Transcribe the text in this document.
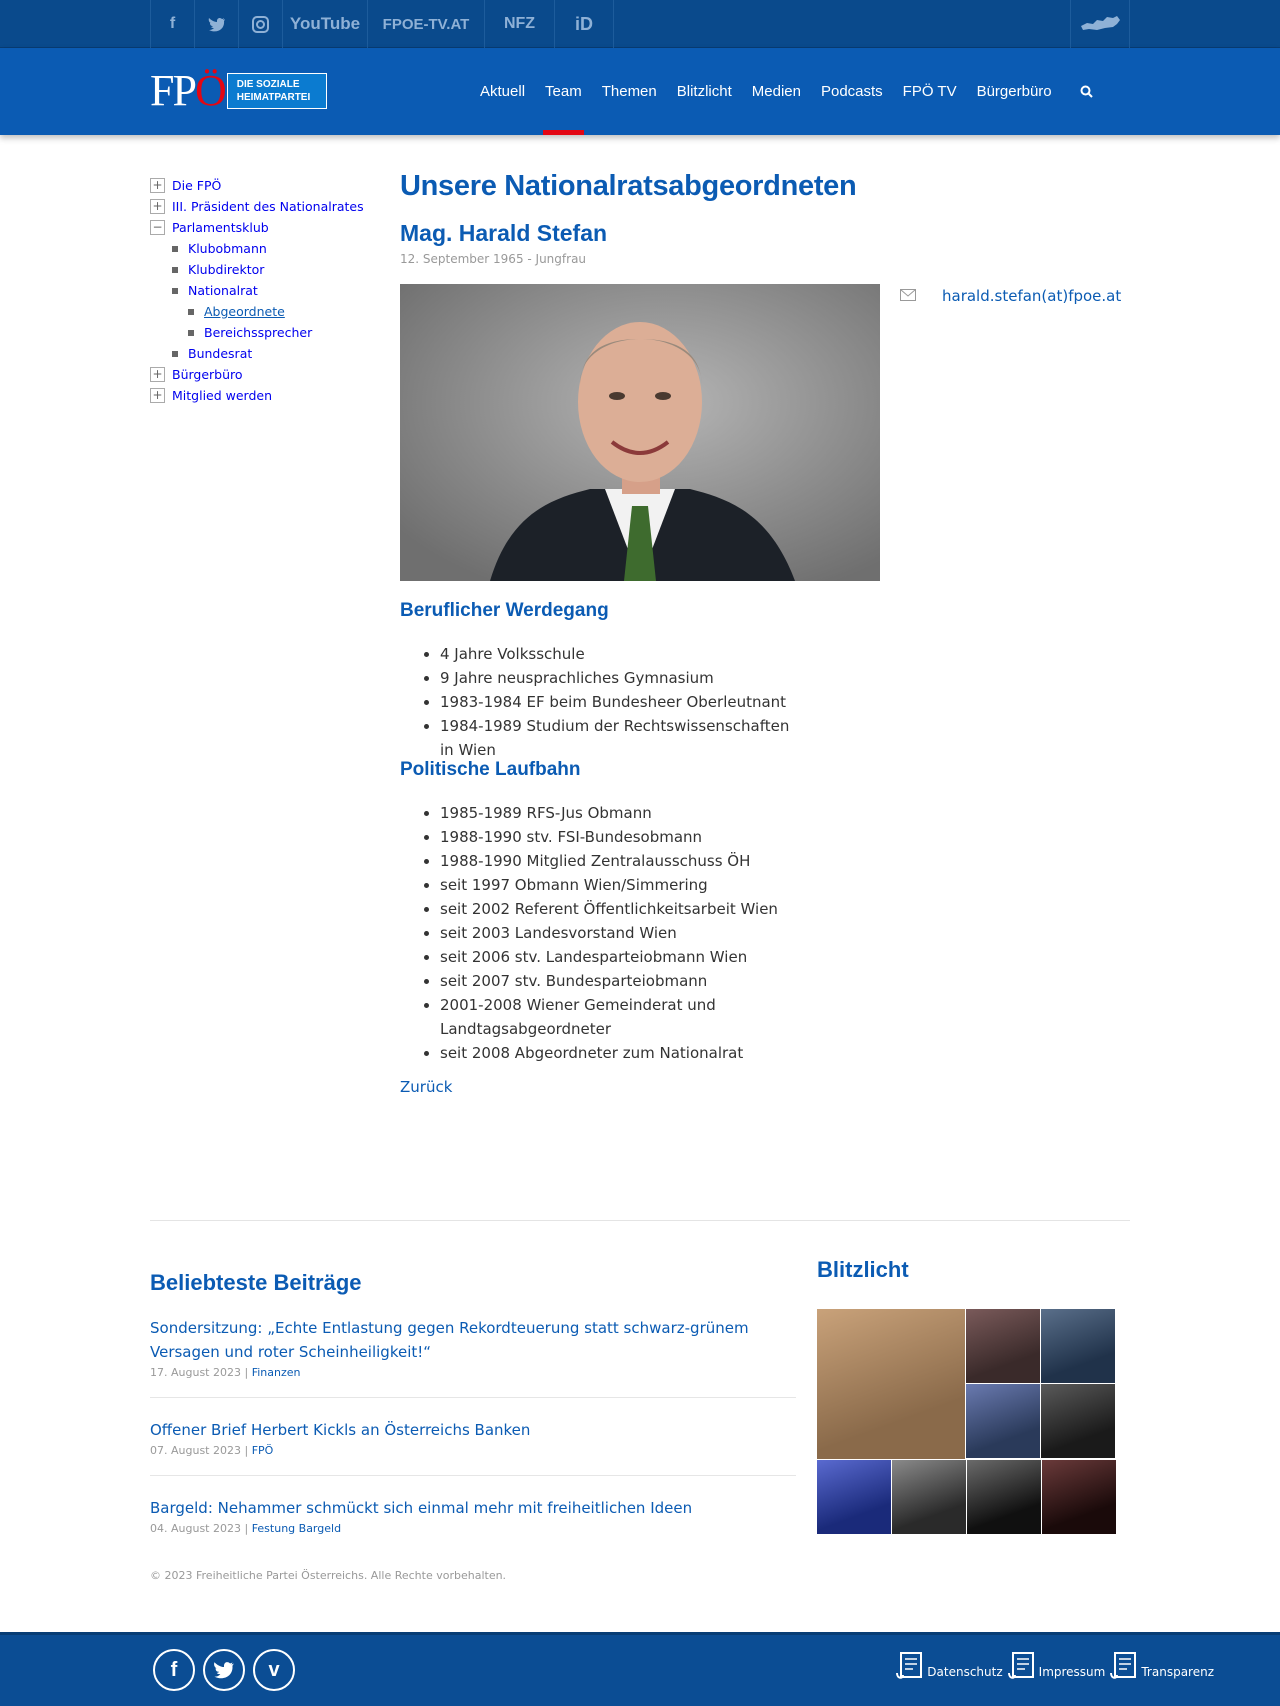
f	YouTube	FPOE-TV.AT	NFZ	iD
FPÖ	DIE SOZIALE HEIMATPARTEI	Aktuell	Team	Themen	Blitzlicht	Medien	Podcasts	FPÖ TV	Bürgerbüro
+ Die FPÖ
+ III. Präsident des Nationalrates
− Parlamentsklub
Klubobmann
Klubdirektor
Nationalrat
Abgeordnete
Bereichssprecher
Bundesrat
+ Bürgerbüro
+ Mitglied werden
Unsere Nationalratsabgeordneten
Mag. Harald Stefan
12. September 1965 - Jungfrau
harald.stefan(at)fpoe.at
Beruflicher Werdegang
• 4 Jahre Volksschule
• 9 Jahre neusprachliches Gymnasium
• 1983-1984 EF beim Bundesheer Oberleutnant
• 1984-1989 Studium der Rechtswissenschaften in Wien
Politische Laufbahn
• 1985-1989 RFS-Jus Obmann
• 1988-1990 stv. FSI-Bundesobmann
• 1988-1990 Mitglied Zentralausschuss ÖH
• seit 1997 Obmann Wien/Simmering
• seit 2002 Referent Öffentlichkeitsarbeit Wien
• seit 2003 Landesvorstand Wien
• seit 2006 stv. Landesparteiobmann Wien
• seit 2007 stv. Bundesparteiobmann
• 2001-2008 Wiener Gemeinderat und Landtagsabgeordneter
• seit 2008 Abgeordneter zum Nationalrat
Zurück
Beliebteste Beiträge
Sondersitzung: „Echte Entlastung gegen Rekordteuerung statt schwarz-grünem Versagen und roter Scheinheiligkeit!“
17. August 2023 | Finanzen
Offener Brief Herbert Kickls an Österreichs Banken
07. August 2023 | FPÖ
Bargeld: Nehammer schmückt sich einmal mehr mit freiheitlichen Ideen
04. August 2023 | Festung Bargeld
© 2023 Freiheitliche Partei Österreichs. Alle Rechte vorbehalten.
Blitzlicht
f	v	Datenschutz	Impressum	Transparenz
